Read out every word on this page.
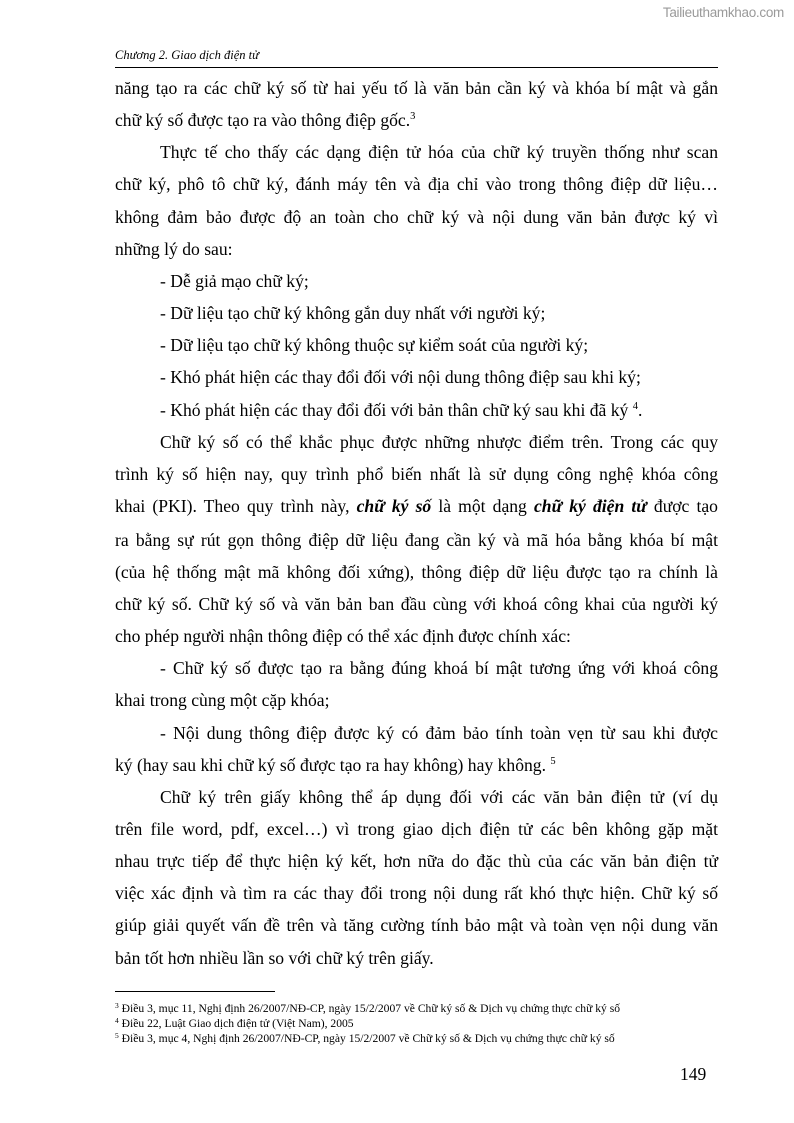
Tailieuthamkhao.com
Chương 2. Giao dịch điện tử
năng tạo ra các chữ ký số từ hai yếu tố là văn bản cần ký và khóa bí mật và gắn
chữ ký số được tạo ra vào thông điệp gốc.$^3$
Thực tế cho thấy các dạng điện tử hóa của chữ ký truyền thống như scan
chữ ký, phô tô chữ ký, đánh máy tên và địa chỉ vào trong thông điệp dữ liệu…
không đảm bảo được độ an toàn cho chữ ký và nội dung văn bản được ký vì
những lý do sau:
- Dễ giả mạo chữ ký;
- Dữ liệu tạo chữ ký không gắn duy nhất với người ký;
- Dữ liệu tạo chữ ký không thuộc sự kiểm soát của người ký;
- Khó phát hiện các thay đổi đối với nội dung thông điệp sau khi ký;
- Khó phát hiện các thay đổi đối với bản thân chữ ký sau khi đã ký $^4$.
Chữ ký số có thể khắc phục được những nhược điểm trên. Trong các quy
trình ký số hiện nay, quy trình phổ biến nhất là sử dụng công nghệ khóa công
khai (PKI). Theo quy trình này, chữ ký số là một dạng chữ ký điện tử được tạo
ra bằng sự rút gọn thông điệp dữ liệu đang cần ký và mã hóa bằng khóa bí mật
(của hệ thống mật mã không đối xứng), thông điệp dữ liệu được tạo ra chính là
chữ ký số. Chữ ký số và văn bản ban đầu cùng với khoá công khai của người ký
cho phép người nhận thông điệp có thể xác định được chính xác:
- Chữ ký số được tạo ra bằng đúng khoá bí mật tương ứng với khoá công
khai trong cùng một cặp khóa;
- Nội dung thông điệp được ký có đảm bảo tính toàn vẹn từ sau khi được
ký (hay sau khi chữ ký số được tạo ra hay không) hay không. $^5$
Chữ ký trên giấy không thể áp dụng đối với các văn bản điện tử (ví dụ
trên file word, pdf, excel…) vì trong giao dịch điện tử các bên không gặp mặt
nhau trực tiếp để thực hiện ký kết, hơn nữa do đặc thù của các văn bản điện tử
việc xác định và tìm ra các thay đổi trong nội dung rất khó thực hiện. Chữ ký số
giúp giải quyết vấn đề trên và tăng cường tính bảo mật và toàn vẹn nội dung văn
bản tốt hơn nhiều lần so với chữ ký trên giấy.
$^3$ Điều 3, mục 11, Nghị định 26/2007/NĐ-CP, ngày 15/2/2007 về Chữ ký số & Dịch vụ chứng thực chữ ký số
$^4$ Điều 22, Luật Giao dịch điện tử (Việt Nam), 2005
$^5$ Điều 3, mục 4, Nghị định 26/2007/NĐ-CP, ngày 15/2/2007 về Chữ ký số & Dịch vụ chứng thực chữ ký số
149
